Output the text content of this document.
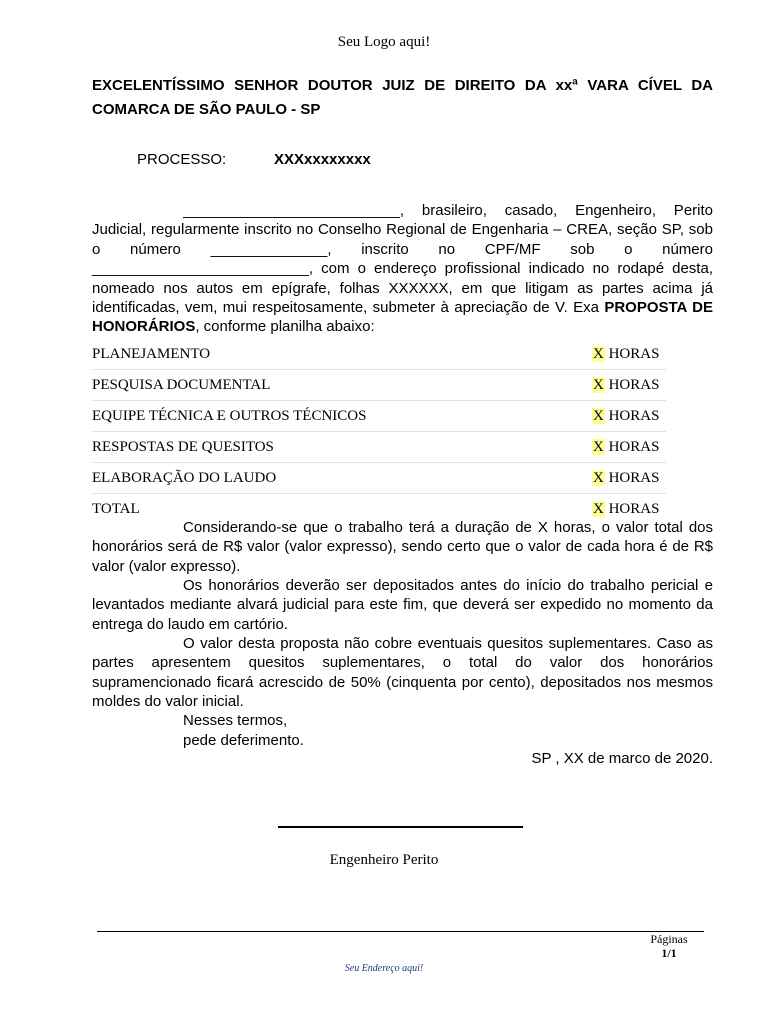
Seu Logo aqui!
EXCELENTÍSSIMO SENHOR DOUTOR JUIZ DE DIREITO DA xxª VARA CÍVEL DA
COMARCA DE SÃO PAULO - SP
PROCESSO:	XXXxxxxxxxx
__________________________, brasileiro, casado, Engenheiro, Perito Judicial, regularmente inscrito no Conselho Regional de Engenharia – CREA, seção SP, sob o número ______________, inscrito no CPF/MF sob o número __________________________, com o endereço profissional indicado no rodapé desta, nomeado nos autos em epígrafe, folhas XXXXXX, em que litigam as partes acima já identificadas, vem, mui respeitosamente, submeter à apreciação de V. Exa PROPOSTA DE HONORÁRIOS, conforme planilha abaixo:
PLANEJAMENTO	X HORAS
PESQUISA DOCUMENTAL	X HORAS
EQUIPE TÉCNICA E OUTROS TÉCNICOS	X HORAS
RESPOSTAS DE QUESITOS	X HORAS
ELABORAÇÃO DO LAUDO	X HORAS
TOTAL	X HORAS
Considerando-se que o trabalho terá a duração de X horas, o valor total dos honorários será de R$ valor (valor expresso), sendo certo que o valor de cada hora é de R$ valor (valor expresso).
Os honorários deverão ser depositados antes do início do trabalho pericial e levantados mediante alvará judicial para este fim, que deverá ser expedido no momento da entrega do laudo em cartório.
O valor desta proposta não cobre eventuais quesitos suplementares. Caso as partes apresentem quesitos suplementares, o total do valor dos honorários supramencionado ficará acrescido de 50% (cinquenta por cento), depositados nos mesmos moldes do valor inicial.
Nesses termos,
pede deferimento.
SP , XX de marco de 2020.
Engenheiro Perito
Páginas
1/1
Seu Endereço aqui!
